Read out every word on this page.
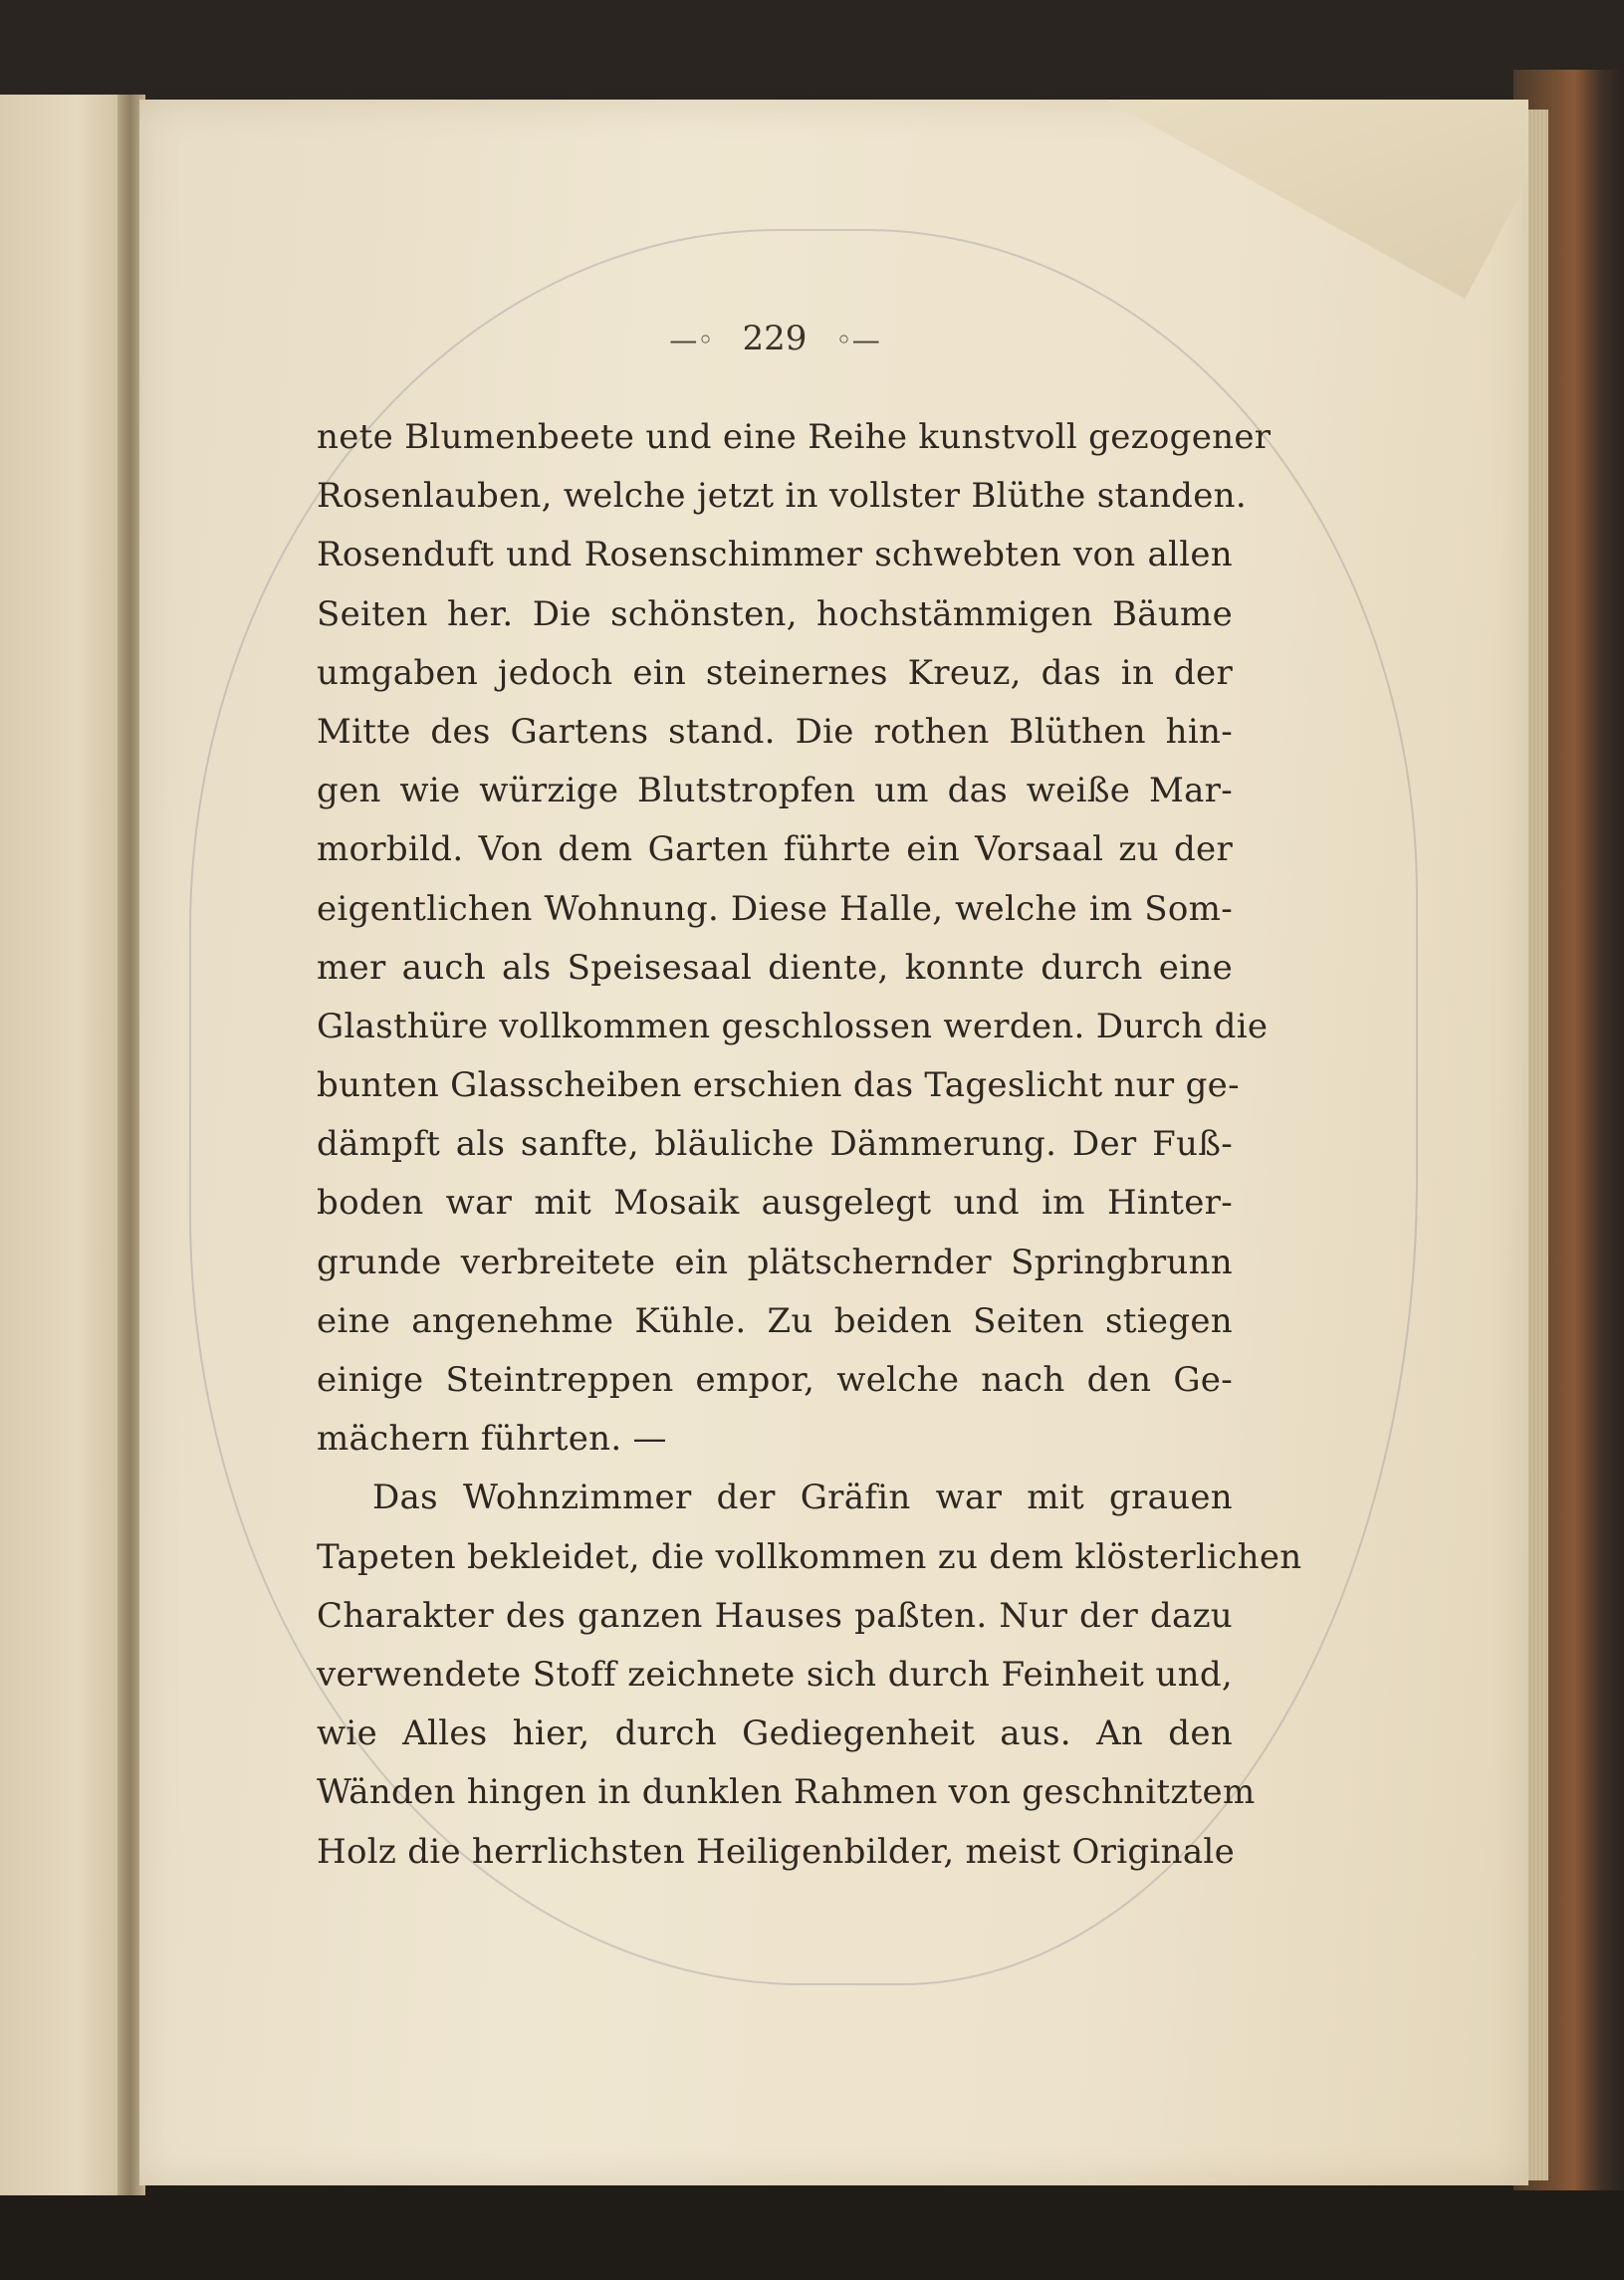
—◦ 229 ◦—
nete Blumenbeete und eine Reihe kunstvoll gezogener
Rosenlauben, welche jetzt in vollster Blüthe standen.
Rosenduft und Rosenschimmer schwebten von allen
Seiten her. Die schönsten, hochstämmigen Bäume
umgaben jedoch ein steinernes Kreuz, das in der
Mitte des Gartens stand. Die rothen Blüthen hin-
gen wie würzige Blutstropfen um das weiße Mar-
morbild. Von dem Garten führte ein Vorsaal zu der
eigentlichen Wohnung. Diese Halle, welche im Som-
mer auch als Speisesaal diente, konnte durch eine
Glasthüre vollkommen geschlossen werden. Durch die
bunten Glasscheiben erschien das Tageslicht nur ge-
dämpft als sanfte, bläuliche Dämmerung. Der Fuß-
boden war mit Mosaik ausgelegt und im Hinter-
grunde verbreitete ein plätschernder Springbrunn
eine angenehme Kühle. Zu beiden Seiten stiegen
einige Steintreppen empor, welche nach den Ge-
mächern führten. —
Das Wohnzimmer der Gräfin war mit grauen
Tapeten bekleidet, die vollkommen zu dem klösterlichen
Charakter des ganzen Hauses paßten. Nur der dazu
verwendete Stoff zeichnete sich durch Feinheit und,
wie Alles hier, durch Gediegenheit aus. An den
Wänden hingen in dunklen Rahmen von geschnitztem
Holz die herrlichsten Heiligenbilder, meist Originale
